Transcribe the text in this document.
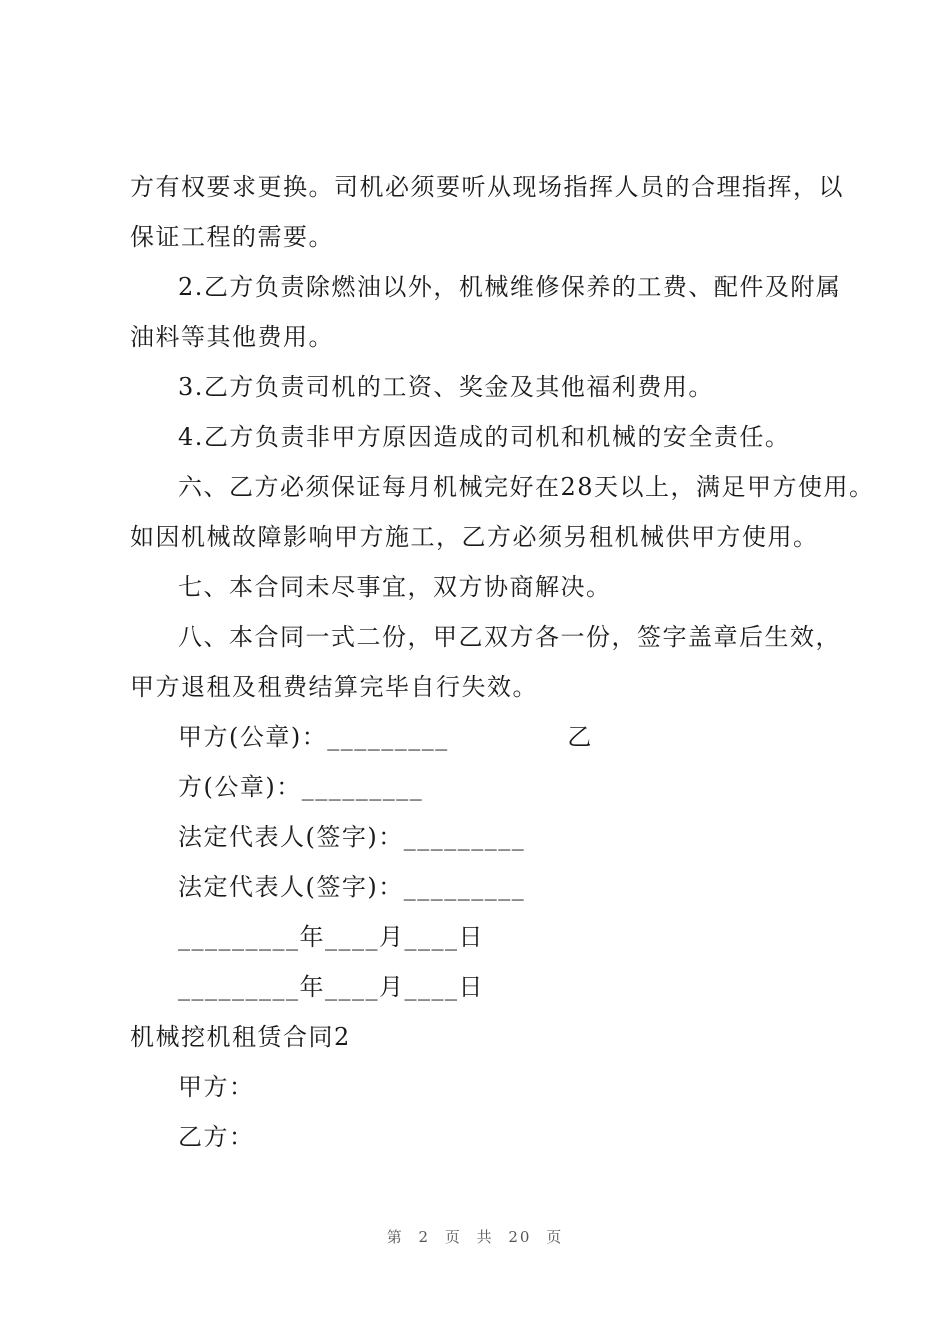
方有权要求更换。司机必须要听从现场指挥人员的合理指挥，以
保证工程的需要。
2.乙方负责除燃油以外，机械维修保养的工费、配件及附属
油料等其他费用。
3.乙方负责司机的工资、奖金及其他福利费用。
4.乙方负责非甲方原因造成的司机和机械的安全责任。
六、乙方必须保证每月机械完好在28天以上，满足甲方使用。
如因机械故障影响甲方施工，乙方必须另租机械供甲方使用。
七、本合同未尽事宜，双方协商解决。
八、本合同一式二份，甲乙双方各一份，签字盖章后生效，
甲方退租及租费结算完毕自行失效。
甲方(公章)：_________             乙
方(公章)：_________
法定代表人(签字)：_________
法定代表人(签字)：_________
_________年____月____日
_________年____月____日
机械挖机租赁合同2
甲方：
乙方：
第 2 页 共 20 页
